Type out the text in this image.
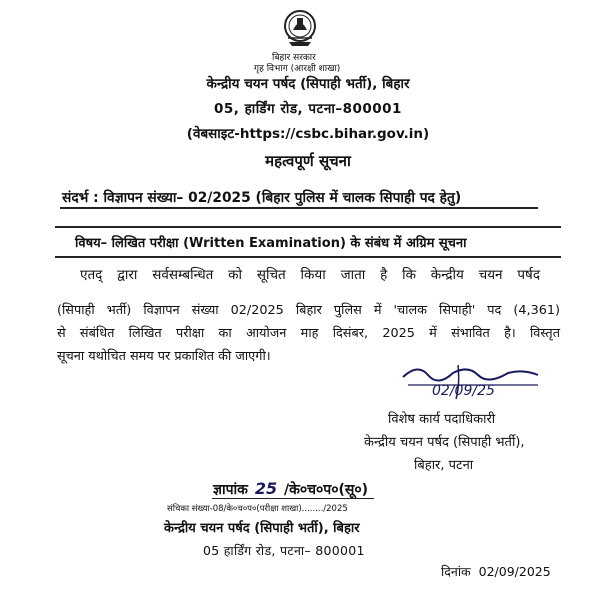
बिहार सरकार
गृह विभाग (आरक्षी शाखा)
केन्द्रीय चयन पर्षद (सिपाही भर्ती), बिहार
05, हार्डिंग रोड, पटना–800001
(वेबसाइट-https://csbc.bihar.gov.in)
महत्वपूर्ण सूचना
संदर्भ : विज्ञापन संख्या– 02/2025 (बिहार पुलिस में चालक सिपाही पद हेतु)
विषय– लिखित परीक्षा (Written Examination) के संबंध में अग्रिम सूचना
एतद् द्वारा सर्वसम्बन्धित को सूचित किया जाता है कि केन्द्रीय चयन पर्षद
(सिपाही भर्ती) विज्ञापन संख्या 02/2025 बिहार पुलिस में 'चालक सिपाही' पद (4,361)
से संबंधित लिखित परीक्षा का आयोजन माह दिसंबर, 2025 में संभावित है। विस्तृत
सूचना यथोचित समय पर प्रकाशित की जाएगी।
02/09/25
विशेष कार्य पदाधिकारी
केन्द्रीय चयन पर्षद (सिपाही भर्ती),
बिहार, पटना
ज्ञापांक 25 /के०च०प०(सू०)
संचिका संख्या-08/के०च०प०(परीक्षा शाखा)......../2025
केन्द्रीय चयन पर्षद (सिपाही भर्ती), बिहार
05 हार्डिंग रोड, पटना– 800001
दिनांक 02/09/2025
